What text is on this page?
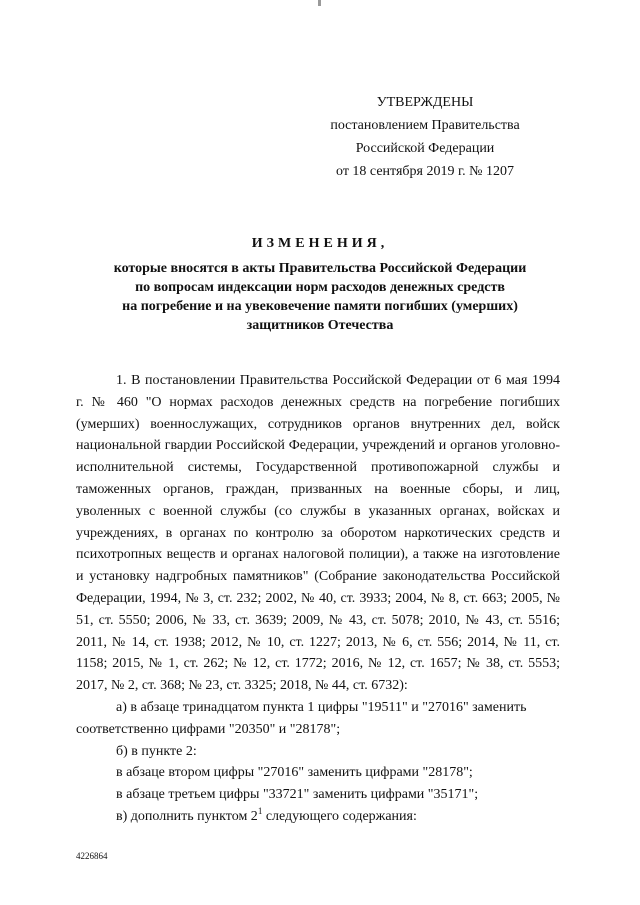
УТВЕРЖДЕНЫ
постановлением Правительства
Российской Федерации
от 18 сентября 2019 г. № 1207
ИЗМЕНЕНИЯ,
которые вносятся в акты Правительства Российской Федерации
по вопросам индексации норм расходов денежных средств
на погребение и на увековечение памяти погибших (умерших)
защитников Отечества

1. В постановлении Правительства Российской Федерации от 6 мая 1994 г. № 460 "О нормах расходов денежных средств на погребение погибших (умерших) военнослужащих, сотрудников органов внутренних дел, войск национальной гвардии Российской Федерации, учреждений и органов уголовно-исполнительной системы, Государственной противопожарной службы и таможенных органов, граждан, призванных на военные сборы, и лиц, уволенных с военной службы (со службы в указанных органах, войсках и учреждениях, в органах по контролю за оборотом наркотических средств и психотропных веществ и органах налоговой полиции), а также на изготовление и установку надгробных памятников" (Собрание законодательства Российской Федерации, 1994, № 3, ст. 232; 2002, № 40, ст. 3933; 2004, № 8, ст. 663; 2005, № 51, ст. 5550; 2006, № 33, ст. 3639; 2009, № 43, ст. 5078; 2010, № 43, ст. 5516; 2011, № 14, ст. 1938; 2012, № 10, ст. 1227; 2013, № 6, ст. 556; 2014, № 11, ст. 1158; 2015, № 1, ст. 262; № 12, ст. 1772; 2016, № 12, ст. 1657; № 38, ст. 5553; 2017, № 2, ст. 368; № 23, ст. 3325; 2018, № 44, ст. 6732):

а) в абзаце тринадцатом пункта 1 цифры "19511" и "27016" заменить
соответственно цифрами "20350" и "28178";

б) в пункте 2:

в абзаце втором цифры "27016" заменить цифрами "28178";

в абзаце третьем цифры "33721" заменить цифрами "35171";

в) дополнить пунктом $2^1$ следующего содержания:

4226864
